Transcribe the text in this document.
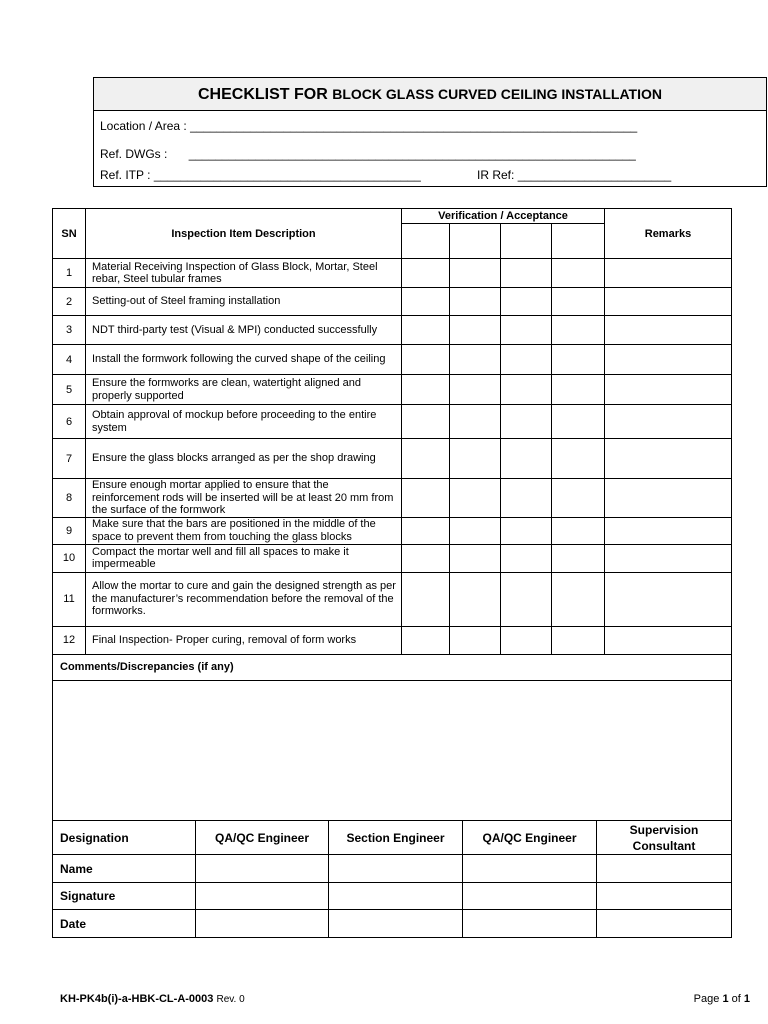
CHECKLIST FOR BLOCK GLASS CURVED CEILING INSTALLATION
Location / Area : ___________________________________________________________________
Ref. DWGs : ___________________________________________________________________
Ref. ITP : ________________________________________	IR Ref: _______________________
SN	Inspection Item Description	Verification / Acceptance				Remarks

1	Material Receiving Inspection of Glass Block, Mortar, Steel rebar, Steel tubular frames					
2	Setting-out of Steel framing installation					
3	NDT third-party test (Visual & MPI) conducted successfully					
4	Install the formwork following the curved shape of the ceiling					
5	Ensure the formworks are clean, watertight aligned and properly supported					
6	Obtain approval of mockup before proceeding to the entire system					
7	Ensure the glass blocks arranged as per the shop drawing					
8	Ensure enough mortar applied to ensure that the reinforcement rods will be inserted will be at least 20 mm from the surface of the formwork					
9	Make sure that the bars are positioned in the middle of the space to prevent them from touching the glass blocks					
10	Compact the mortar well and fill all spaces to make it impermeable					
11	Allow the mortar to cure and gain the designed strength as per the manufacturer’s recommendation before the removal of the formworks.					
12	Final Inspection- Proper curing, removal of form works					
Comments/Discrepancies (if any)						

Designation	QA/QC Engineer	Section Engineer	QA/QC Engineer	Supervision Consultant
Name				
Signature				
Date				
KH-PK4b(i)-a-HBK-CL-A-0003 Rev. 0	Page 1 of 1
